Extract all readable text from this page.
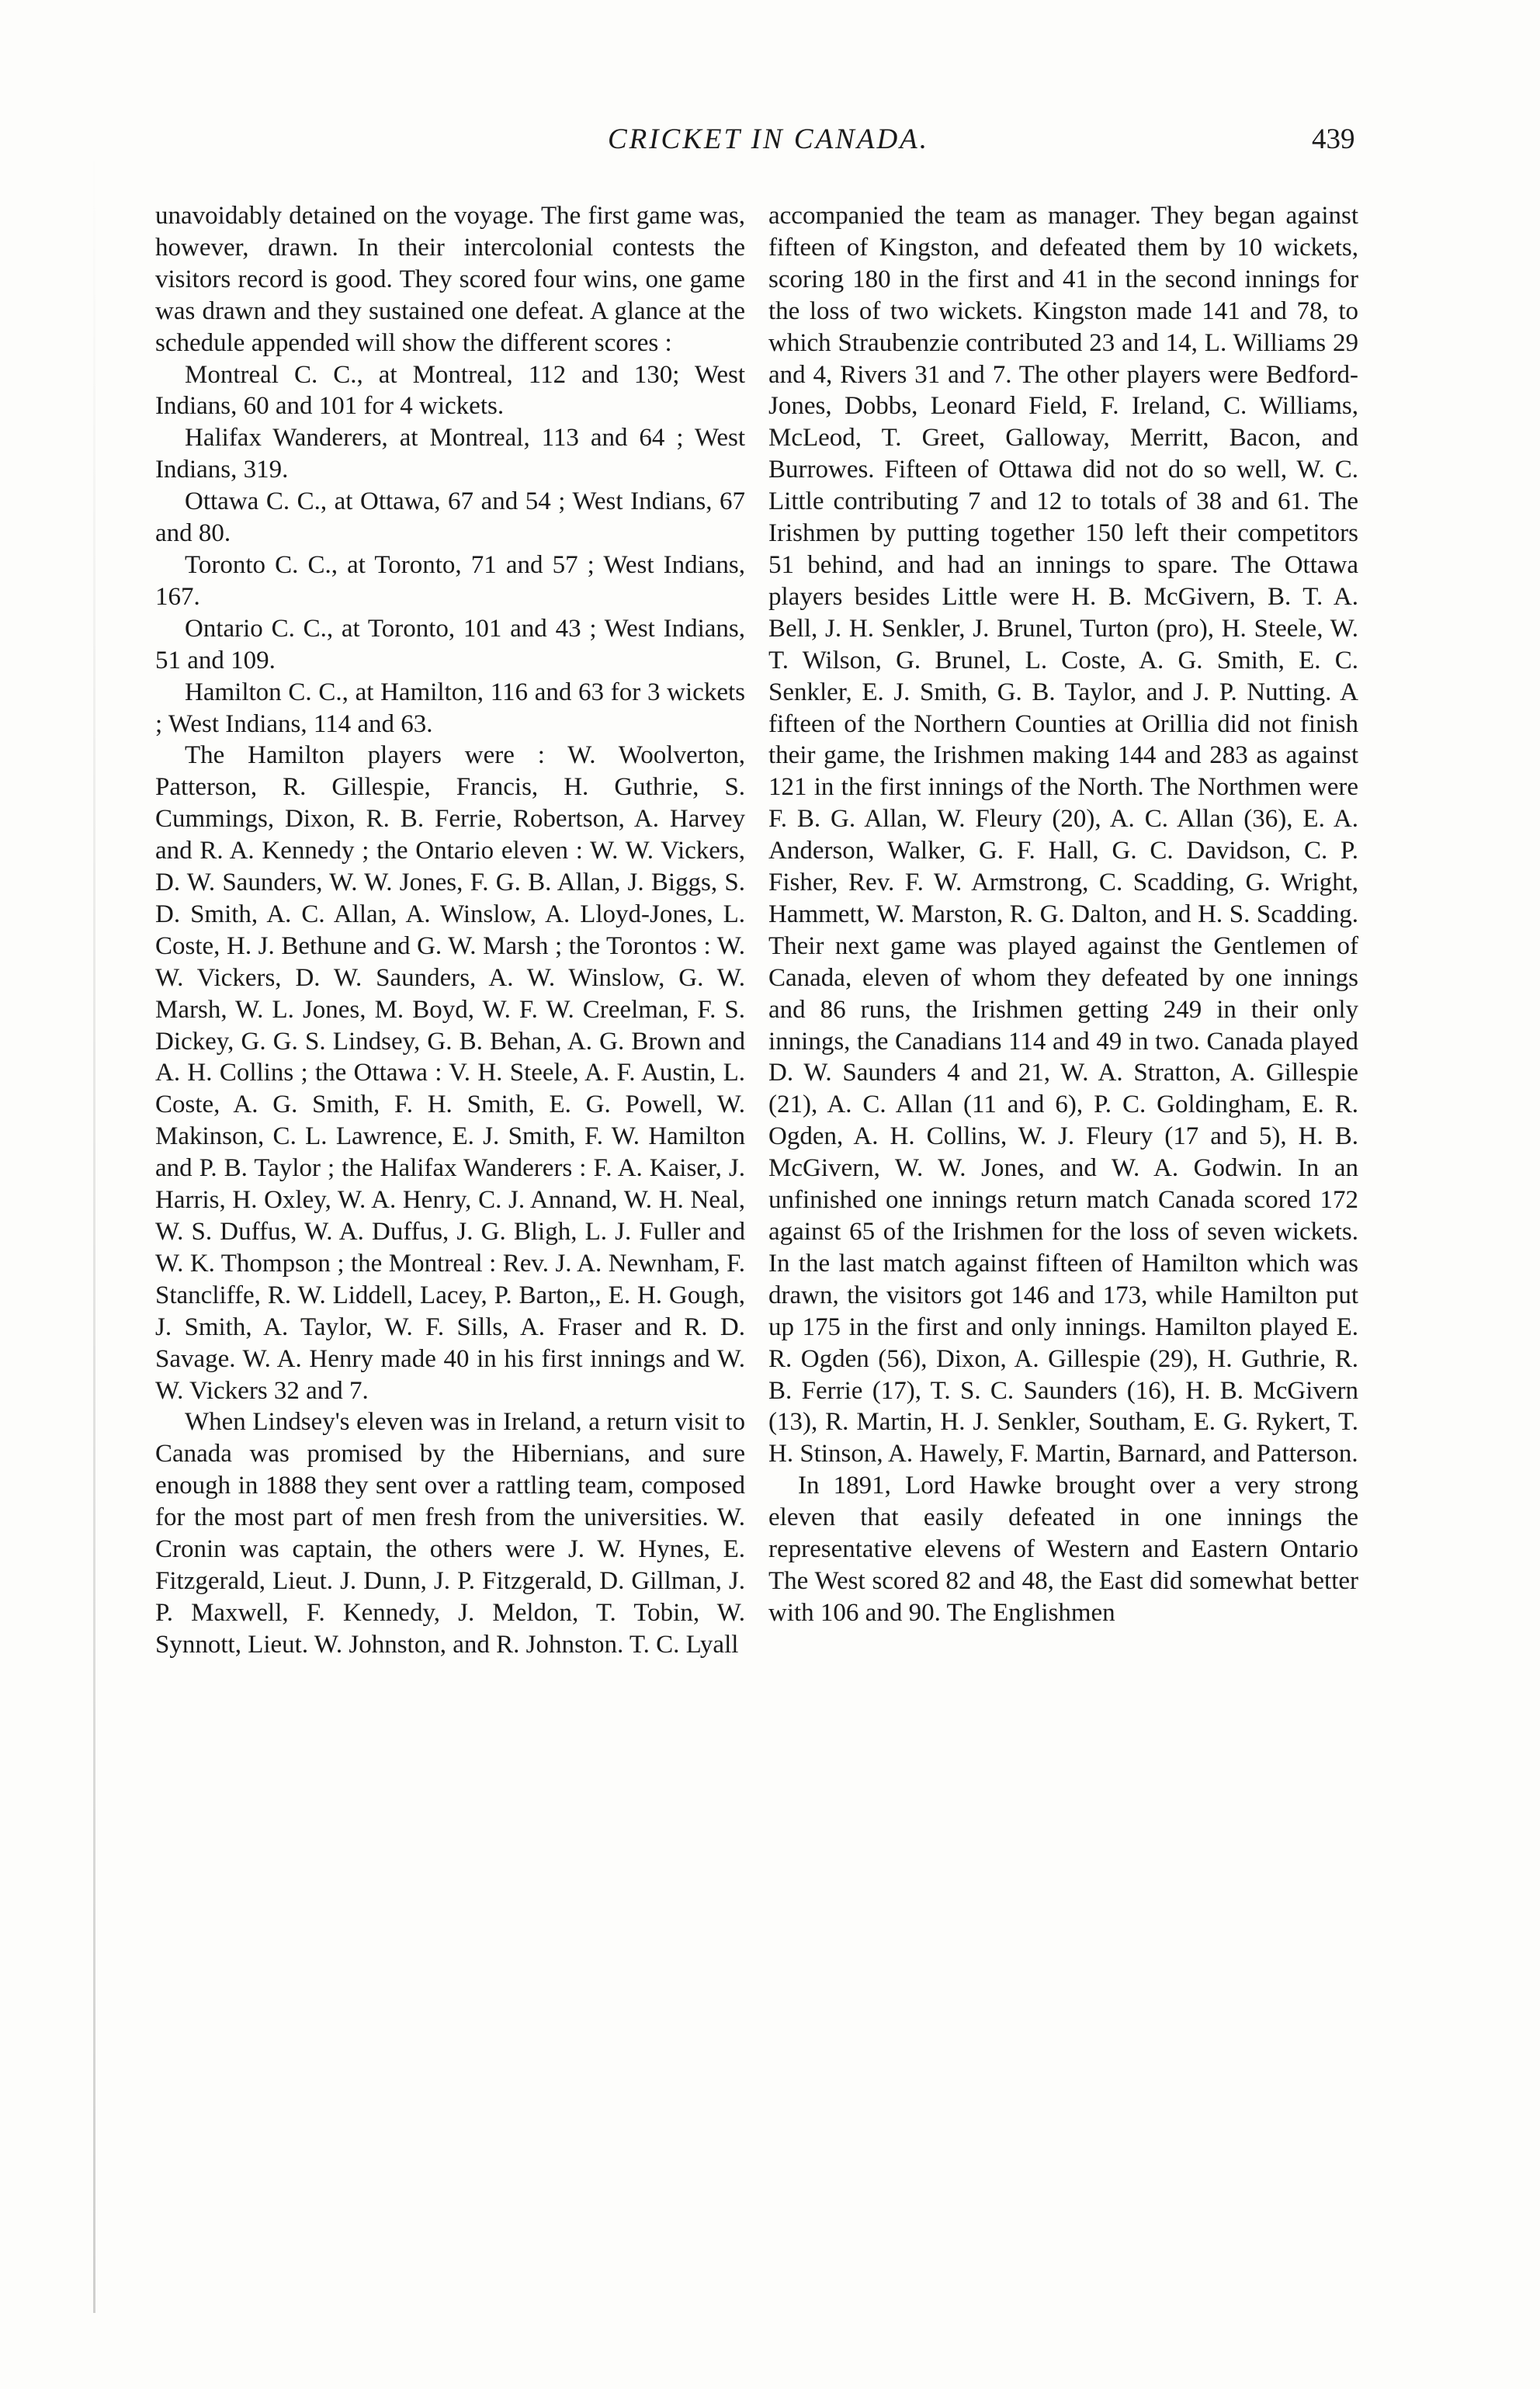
CRICKET IN CANADA.	439

unavoidably detained on the voyage. The first game was, however, drawn. In their intercolonial contests the visitors record is good. They scored four wins, one game was drawn and they sustained one defeat. A glance at the schedule appended will show the different scores :

Montreal C. C., at Montreal, 112 and 130; West Indians, 60 and 101 for 4 wickets.

Halifax Wanderers, at Montreal, 113 and 64 ; West Indians, 319.

Ottawa C. C., at Ottawa, 67 and 54 ; West Indians, 67 and 80.

Toronto C. C., at Toronto, 71 and 57 ; West Indians, 167.

Ontario C. C., at Toronto, 101 and 43 ; West Indians, 51 and 109.

Hamilton C. C., at Hamilton, 116 and 63 for 3 wickets ; West Indians, 114 and 63.

The Hamilton players were : W. Woolverton, Patterson, R. Gillespie, Francis, H. Guthrie, S. Cummings, Dixon, R. B. Ferrie, Robertson, A. Harvey and R. A. Kennedy ; the Ontario eleven : W. W. Vickers, D. W. Saunders, W. W. Jones, F. G. B. Allan, J. Biggs, S. D. Smith, A. C. Allan, A. Winslow, A. Lloyd-Jones, L. Coste, H. J. Bethune and G. W. Marsh ; the Torontos : W. W. Vickers, D. W. Saunders, A. W. Winslow, G. W. Marsh, W. L. Jones, M. Boyd, W. F. W. Creelman, F. S. Dickey, G. G. S. Lindsey, G. B. Behan, A. G. Brown and A. H. Collins ; the Ottawa : V. H. Steele, A. F. Austin, L. Coste, A. G. Smith, F. H. Smith, E. G. Powell, W. Makinson, C. L. Lawrence, E. J. Smith, F. W. Hamilton and P. B. Taylor ; the Halifax Wanderers : F. A. Kaiser, J. Harris, H. Oxley, W. A. Henry, C. J. Annand, W. H. Neal, W. S. Duffus, W. A. Duffus, J. G. Bligh, L. J. Fuller and W. K. Thompson ; the Montreal : Rev. J. A. Newnham, F. Stancliffe, R. W. Liddell, Lacey, P. Barton,, E. H. Gough, J. Smith, A. Taylor, W. F. Sills, A. Fraser and R. D. Savage. W. A. Henry made 40 in his first innings and W. W. Vickers 32 and 7.

When Lindsey's eleven was in Ireland, a return visit to Canada was promised by the Hibernians, and sure enough in 1888 they sent over a rattling team, composed for the most part of men fresh from the universities. W. Cronin was captain, the others were J. W. Hynes, E. Fitzgerald, Lieut. J. Dunn, J. P. Fitzgerald, D. Gillman, J. P. Maxwell, F. Kennedy, J. Meldon, T. Tobin, W. Synnott, Lieut. W. Johnston, and R. Johnston. T. C. Lyall

accompanied the team as manager. They began against fifteen of Kingston, and defeated them by 10 wickets, scoring 180 in the first and 41 in the second innings for the loss of two wickets. Kingston made 141 and 78, to which Straubenzie contributed 23 and 14, L. Williams 29 and 4, Rivers 31 and 7. The other players were Bedford-Jones, Dobbs, Leonard Field, F. Ireland, C. Williams, McLeod, T. Greet, Galloway, Merritt, Bacon, and Burrowes. Fifteen of Ottawa did not do so well, W. C. Little contributing 7 and 12 to totals of 38 and 61. The Irishmen by putting together 150 left their competitors 51 behind, and had an innings to spare. The Ottawa players besides Little were H. B. McGivern, B. T. A. Bell, J. H. Senkler, J. Brunel, Turton (pro), H. Steele, W. T. Wilson, G. Brunel, L. Coste, A. G. Smith, E. C. Senkler, E. J. Smith, G. B. Taylor, and J. P. Nutting. A fifteen of the Northern Counties at Orillia did not finish their game, the Irishmen making 144 and 283 as against 121 in the first innings of the North. The Northmen were F. B. G. Allan, W. Fleury (20), A. C. Allan (36), E. A. Anderson, Walker, G. F. Hall, G. C. Davidson, C. P. Fisher, Rev. F. W. Armstrong, C. Scadding, G. Wright, Hammett, W. Marston, R. G. Dalton, and H. S. Scadding. Their next game was played against the Gentlemen of Canada, eleven of whom they defeated by one innings and 86 runs, the Irishmen getting 249 in their only innings, the Canadians 114 and 49 in two. Canada played D. W. Saunders 4 and 21, W. A. Stratton, A. Gillespie (21), A. C. Allan (11 and 6), P. C. Goldingham, E. R. Ogden, A. H. Collins, W. J. Fleury (17 and 5), H. B. McGivern, W. W. Jones, and W. A. Godwin. In an unfinished one innings return match Canada scored 172 against 65 of the Irishmen for the loss of seven wickets. In the last match against fifteen of Hamilton which was drawn, the visitors got 146 and 173, while Hamilton put up 175 in the first and only innings. Hamilton played E. R. Ogden (56), Dixon, A. Gillespie (29), H. Guthrie, R. B. Ferrie (17), T. S. C. Saunders (16), H. B. McGivern (13), R. Martin, H. J. Senkler, Southam, E. G. Rykert, T. H. Stinson, A. Hawely, F. Martin, Barnard, and Patterson.

In 1891, Lord Hawke brought over a very strong eleven that easily defeated in one innings the representative elevens of Western and Eastern Ontario The West scored 82 and 48, the East did somewhat better with 106 and 90. The Englishmen
